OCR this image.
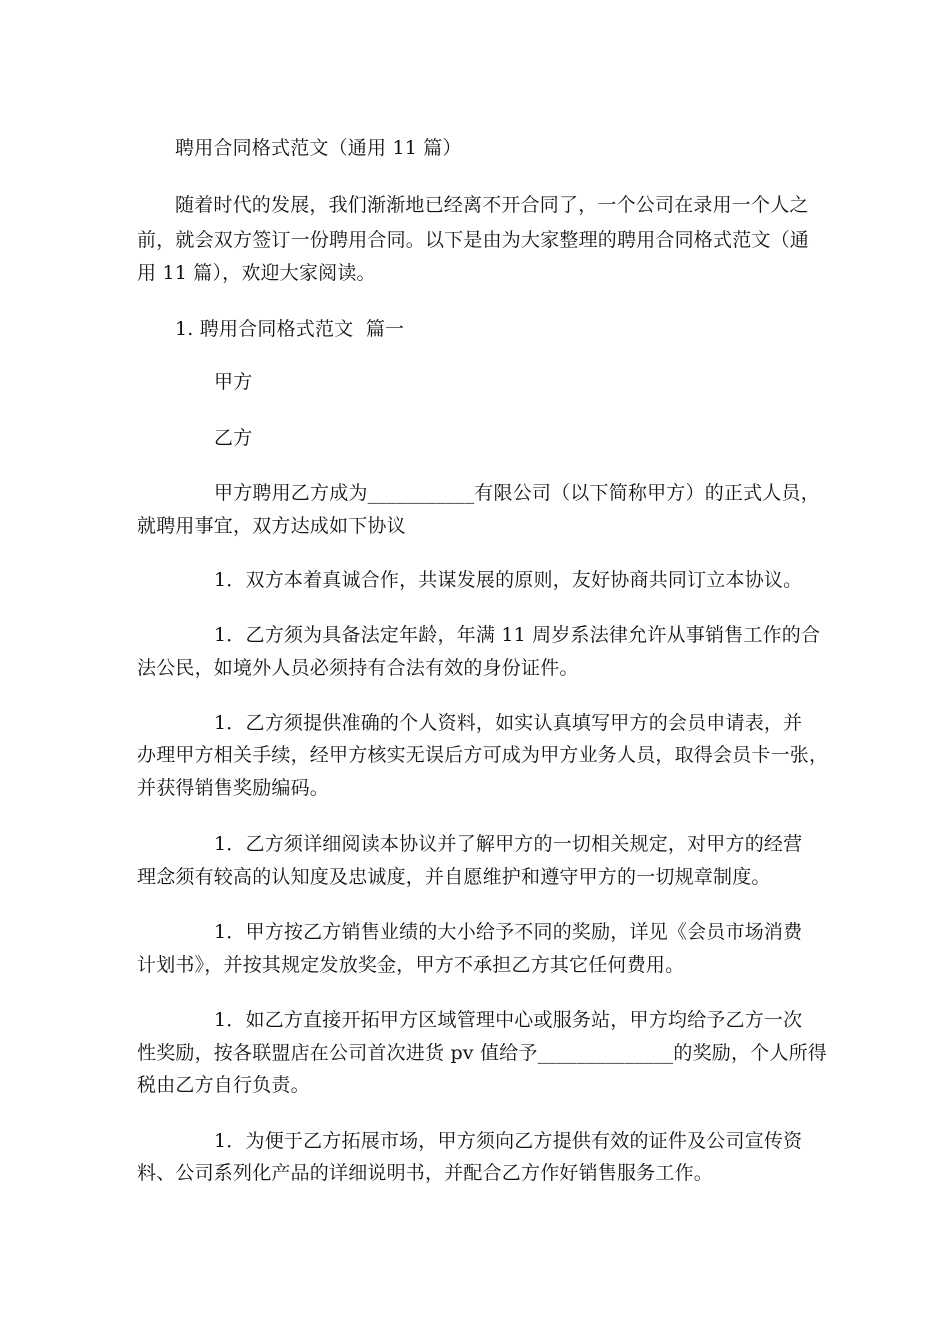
聘用合同格式范文（通用 11 篇）
随着时代的发展，我们渐渐地已经离不开合同了，一个公司在录用一个人之
前，就会双方签订一份聘用合同。以下是由为大家整理的聘用合同格式范文（通
用 11 篇），欢迎大家阅读。
1. 聘用合同格式范文  篇一
甲方
乙方
甲方聘用乙方成为___________有限公司（以下简称甲方）的正式人员，
就聘用事宜，双方达成如下协议
1．双方本着真诚合作，共谋发展的原则，友好协商共同订立本协议。
1．乙方须为具备法定年龄，年满 11 周岁系法律允许从事销售工作的合
法公民，如境外人员必须持有合法有效的身份证件。
1．乙方须提供准确的个人资料，如实认真填写甲方的会员申请表，并
办理甲方相关手续，经甲方核实无误后方可成为甲方业务人员，取得会员卡一张，
并获得销售奖励编码。
1．乙方须详细阅读本协议并了解甲方的一切相关规定，对甲方的经营
理念须有较高的认知度及忠诚度，并自愿维护和遵守甲方的一切规章制度。
1．甲方按乙方销售业绩的大小给予不同的奖励，详见《会员市场消费
计划书》，并按其规定发放奖金，甲方不承担乙方其它任何费用。
1．如乙方直接开拓甲方区域管理中心或服务站，甲方均给予乙方一次
性奖励，按各联盟店在公司首次进货 pv 值给予______________的奖励，个人所得
税由乙方自行负责。
1．为便于乙方拓展市场，甲方须向乙方提供有效的证件及公司宣传资
料、公司系列化产品的详细说明书，并配合乙方作好销售服务工作。
